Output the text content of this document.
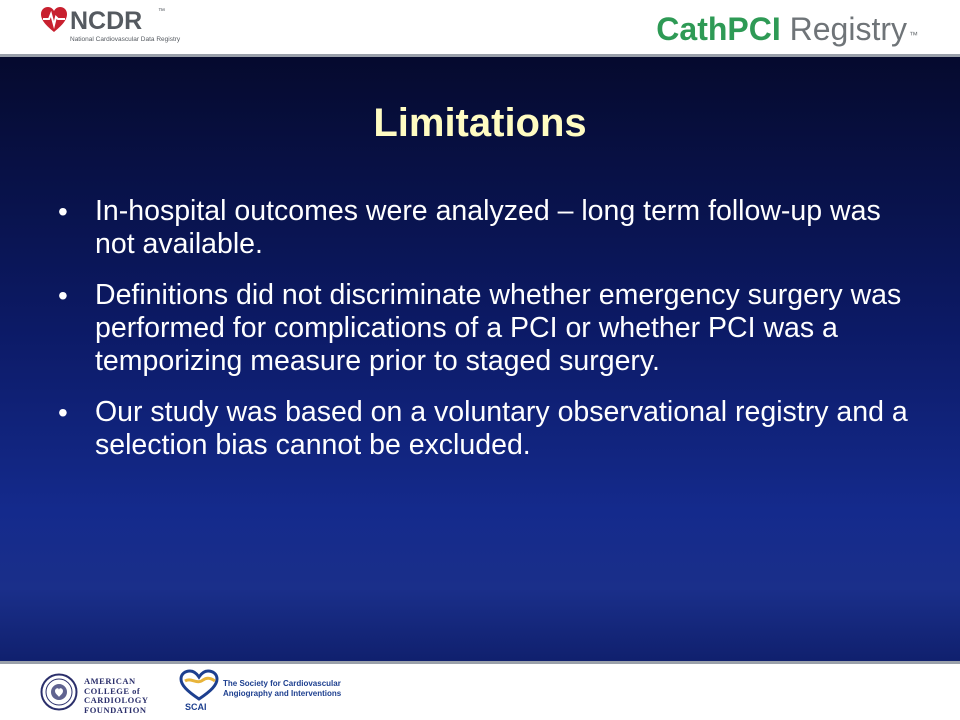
NCDR ™
National Cardiovascular Data Registry	CathPCI Registry ™
Limitations
• In-hospital outcomes were analyzed – long term follow-up was not available.
• Definitions did not discriminate whether emergency surgery was performed for complications of a PCI or whether PCI was a temporizing measure prior to staged surgery.
• Our study was based on a voluntary observational registry and a selection bias cannot be excluded.
AMERICAN
COLLEGE of
CARDIOLOGY
FOUNDATION	SCAI
The Society for Cardiovascular
Angiography and Interventions
